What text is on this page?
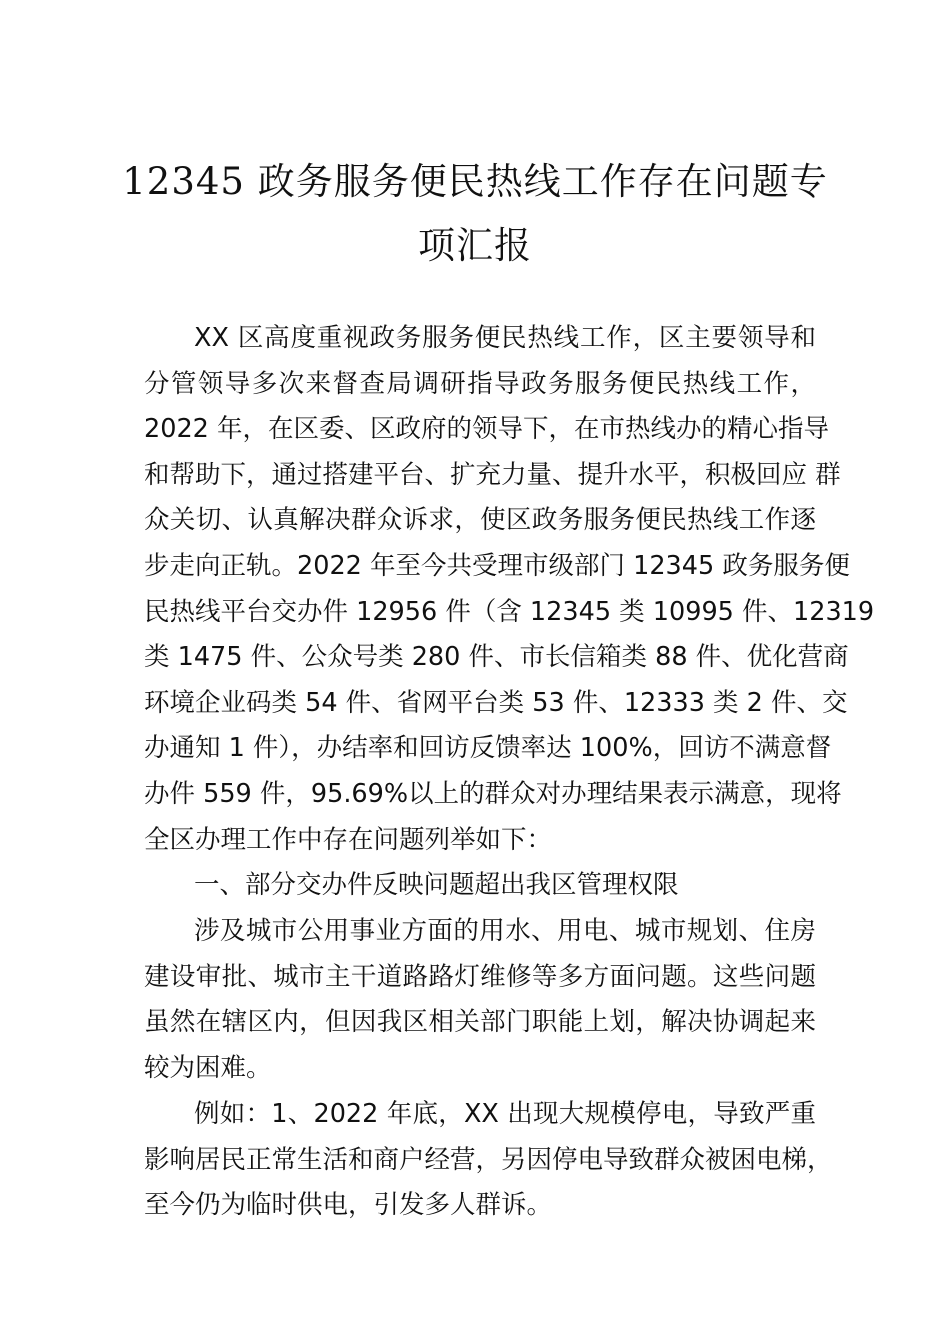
12345 政务服务便民热线工作存在问题专
项汇报
XX 区高度重视政务服务便民热线工作，区主要领导和
分管领导多次来督查局调研指导政务服务便民热线工作，
2022 年，在区委、区政府的领导下，在市热线办的精心指导
和帮助下，通过搭建平台、扩充力量、提升水平，积极回应 群
众关切、认真解决群众诉求，使区政务服务便民热线工作逐
步走向正轨。2022 年至今共受理市级部门 12345 政务服务便
民热线平台交办件 12956 件（含 12345 类 10995 件、12319
类 1475 件、公众号类 280 件、市长信箱类 88 件、优化营商
环境企业码类 54 件、省网平台类 53 件、12333 类 2 件、交
办通知 1 件），办结率和回访反馈率达 100%，回访不满意督
办件 559 件，95.69%以上的群众对办理结果表示满意，现将
全区办理工作中存在问题列举如下：
一、部分交办件反映问题超出我区管理权限
涉及城市公用事业方面的用水、用电、城市规划、住房
建设审批、城市主干道路路灯维修等多方面问题。这些问题
虽然在辖区内，但因我区相关部门职能上划，解决协调起来
较为困难。
例如：1、2022 年底，XX 出现大规模停电，导致严重
影响居民正常生活和商户经营，另因停电导致群众被困电梯，
至今仍为临时供电，引发多人群诉。
